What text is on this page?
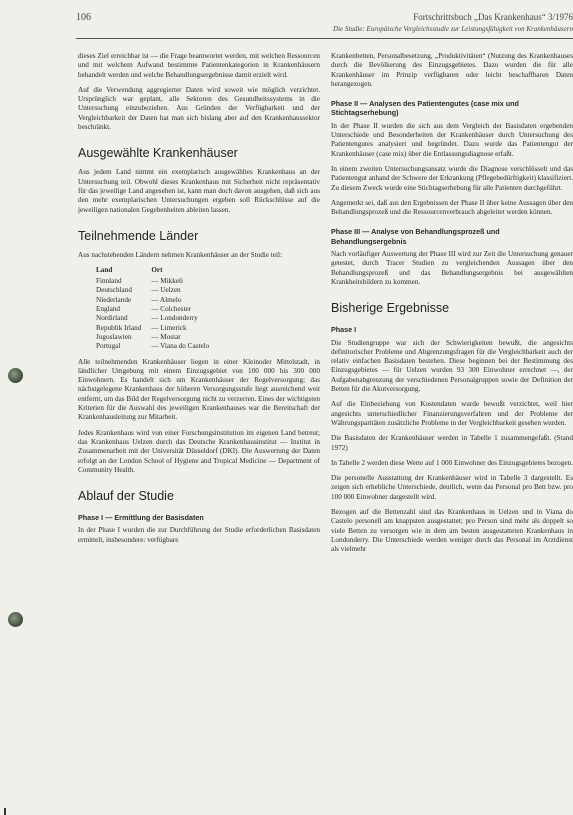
106	Fortschrittsbuch „Das Krankenhaus“ 3/1976
Die Studie: Europäische Vergleichsstudie zur Leistungsfähigkeit von Krankenhäusern

dieses Ziel erreichbar ist — die Frage beantwortet werden, mit welchen Ressourcen und mit welchem Aufwand bestimmte Patientenkategorien in Krankenhäusern behandelt werden und welche Behandlungsergebnisse damit erzielt wird.

Auf die Verwendung aggregierter Daten wird soweit wie möglich verzichtet. Ursprünglich war geplant, alle Sektoren des Gesundheitssystems in die Untersuchung einzubeziehen. Aus Gründen der Verfügbarkeit und der Vergleichbarkeit der Daten hat man sich bislang aber auf den Krankenhaussektor beschränkt.

Ausgewählte Krankenhäuser

Aus jedem Land nimmt ein exemplarisch ausgewähltes Krankenhaus an der Untersuchung teil. Obwohl dieses Krankenhaus mit Sicherheit nicht repräsentativ für das jeweilige Land angesehen ist, kann man doch davon ausgehen, daß sich aus den mehr exemplarischen Untersuchungen ergeben soll Rückschlüsse auf die jeweiligen nationalen Gegebenheiten ableiten lassen.

Teilnehmende Länder

Aus nachstehenden Ländern nehmen Krankenhäuser an der Studie teil:

Land	Ort
Finnland	— Mikkeli
Deutschland	— Uelzen
Niederlande	— Almelo
England	— Colchester
Nordirland	— Londonderry
Republik Irland	— Limerick
Jugoslawien	— Mostar
Portugal	— Viana do Castelo

Alle teilnehmenden Krankenhäuser liegen in einer Kleinoder Mittelstadt, in ländlicher Umgebung mit einem Einzugsgebiet von 100 000 bis 300 000 Einwohnern. Es handelt sich um Krankenhäuser der Regelversorgung; das nächstgelegene Krankenhaus der höheren Versorgungsstufe liegt ausreichend weit entfernt, um das Bild der Regelversorgung nicht zu verzerren. Eines der wichtigsten Kriterien für die Auswahl des jeweiligen Krankenhauses war die Bereitschaft der Krankenhausleitung zur Mitarbeit.

Jedes Krankenhaus wird von einer Forschungsinstitution im eigenen Land betreut; das Krankenhaus Uelzen durch das Deutsche Krankenhausinstitut — Institut in Zusammenarbeit mit der Universität Düsseldorf (DKI). Die Auswertung der Daten erfolgt an der London School of Hygiene and Tropical Medicine — Department of Community Health.

Ablauf der Studie
Phase I — Ermittlung der Basisdaten

In der Phase I wurden die zur Durchführung der Studie erforderlichen Basisdaten ermittelt, insbesondere: verfügbare

Krankenbetten, Personalbesetzung, „Produktivitäten“ (Nutzung des Krankenhauses durch die Bevölkerung des Einzugsgebietes. Dazu wurden die für alle Krankenhäuser im Prinzip verfügbaren oder leicht beschaffbaren Daten herangezogen.

Phase II — Analysen des Patientengutes (case mix und Stichtagserhebung)

In der Phase II wurden die sich aus dem Vergleich der Basisdaten ergebenden Unterschiede und Besonderheiten der Krankenhäuser durch Untersuchung des Patientengutes analysiert und begründet. Dazu wurde das Patientengut der Krankenhäuser (case mix) über die Entlassungsdiagnose erfaßt.

In einem zweiten Untersuchungsansatz wurde die Diagnose verschlüsselt und das Patientengut anhand der Schwere der Erkrankung (Pflegebedürftigkeit) klassifiziert. Zu diesem Zweck wurde eine Stichtagserhebung für alle Patienten durchgeführt.

Angemerkt sei, daß aus den Ergebnissen der Phase II über keine Aussagen über den Behandlungsprozeß und die Ressourcenverbrauch abgeleitet werden können.

Phase III — Analyse von Behandlungsprozeß und Behandlungsergebnis

Nach vorläufiger Auswertung der Phase III wird zur Zeit die Untersuchung genauer getestet, durch Tracer Studien zu vergleichenden Aussagen über den Behandlungsprozeß und das Behandlungsergebnis bei ausgewählten Krankheitsbildern zu kommen.

Bisherige Ergebnisse
Phase I

Die Studiengruppe war sich der Schwierigkeiten bewußt, die angesichts definitorischer Probleme und Abgrenzungsfragen für die Vergleichbarkeit auch der relativ einfachen Basisdaten bestehen. Diese beginnen bei der Bestimmung des Einzugsgebietes — für Uelzen wurden 93 300 Einwohner errechnet —, der Aufgabenabgrenzung der verschiedenen Personalgruppen sowie der Definition der Betten für die Akutversorgung.

Auf die Einbeziehung von Kostendaten wurde bewußt verzichtet, weil hier angesichts unterschiedlicher Finanzierungsverfahren und der Probleme der Währungsparitäten zusätzliche Probleme in der Vergleichbarkeit gesehen wurden.

Die Basisdaten der Krankenhäuser werden in Tabelle 1 zusammengefaßt. (Stand 1972)

In Tabelle 2 werden diese Werte auf 1 000 Einwohner des Einzugsgebietes bezogen.

Die personelle Ausstattung der Krankenhäuser wird in Tabelle 3 dargestellt. Es zeigen sich erhebliche Unterschiede, deutlich, wenn das Personal pro Bett bzw. pro 100 000 Einwohner dargestellt wird.

Bezogen auf die Bettenzahl sind das Krankenhaus in Uelzen und in Viana do Castelo personell am knappsten ausgestattet; pro Person sind mehr als doppelt so viele Betten zu versorgen wie in dem am besten ausgestatteten Krankenhaus in Londonderry. Die Unterschiede werden weniger durch das Personal im Arztdienst als vielmehr
